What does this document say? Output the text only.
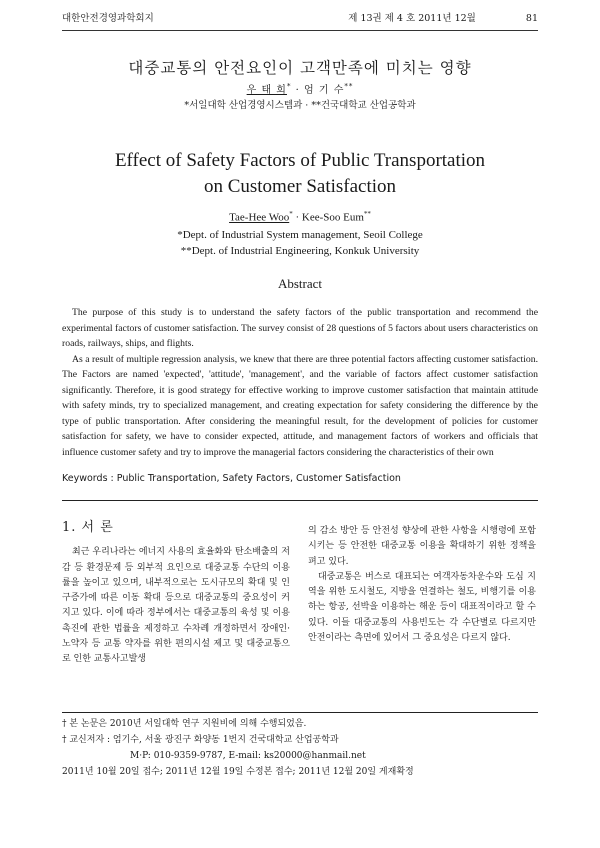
대한안전경영과학회지	제 13권 제 4 호 2011년 12월	81
대중교통의 안전요인이 고객만족에 미치는 영향
우 태 희* · 엄 기 수**
*서일대학 산업경영시스템과 · **건국대학교 산업공학과
Effect of Safety Factors of Public Transportation
on Customer Satisfaction
Tae-Hee Woo* · Kee-Soo Eum**
*Dept. of Industrial System management, Seoil College
**Dept. of Industrial Engineering, Konkuk University
Abstract

The purpose of this study is to understand the safety factors of the public transportation and recommend the experimental factors of customer satisfaction. The survey consist of 28 questions of 5 factors about users characteristics on roads, railways, ships, and flights.

As a result of multiple regression analysis, we knew that there are three potential factors affecting customer satisfaction. The Factors are named 'expected', 'attitude', 'management', and the variable of factors affect customer satisfaction significantly. Therefore, it is good strategy for effective working to improve customer satisfaction that maintain attitude with safety minds, try to specialized management, and creating expectation for safety considering the difference by the type of public transportation. After considering the meaningful result, for the development of policies for customer satisfaction for safety, we have to consider expected, attitude, and management factors of workers and officials that influence customer safety and try to improve the managerial factors considering the characteristics of their own

Keywords : Public Transportation, Safety Factors, Customer Satisfaction
1. 서 론

최근 우리나라는 에너지 사용의 효율화와 탄소배출의 저감 등 환경문제 등 외부적 요인으로 대중교통 수단의 이용률을 높이고 있으며, 내부적으로는 도시규모의 확대 및 인구증가에 따른 이동 확대 등으로 대중교통의 중요성이 커지고 있다. 이에 따라 정부에서는 대중교통의 육성 및 이용촉진에 관한 법률을 제정하고 수차례 개정하면서 장애인·노약자 등 교통 약자를 위한 편의시설 제고 및 대중교통으로 인한 교통사고발생

의 감소 방안 등 안전성 향상에 관한 사항을 시행령에 포함시키는 등 안전한 대중교통 이용을 확대하기 위한 정책을 펴고 있다.

대중교통은 버스로 대표되는 여객자동차운수와 도심 지역을 위한 도시철도, 지방을 연결하는 철도, 비행기를 이용하는 항공, 선박을 이용하는 해운 등이 대표적이라고 할 수 있다. 이들 대중교통의 사용빈도는 각 수단별로 다르지만 안전이라는 측면에 있어서 그 중요성은 다르지 않다.

† 본 논문은 2010년 서일대학 연구 지원비에 의해 수행되었음.
† 교신저자 : 엄기수, 서울 광진구 화양동 1번지 건국대학교 산업공학과
M·P: 010-9359-9787, E-mail: ks20000@hanmail.net
2011년 10월 20일 접수; 2011년 12월 19일 수정본 접수; 2011년 12월 20일 게재확정
